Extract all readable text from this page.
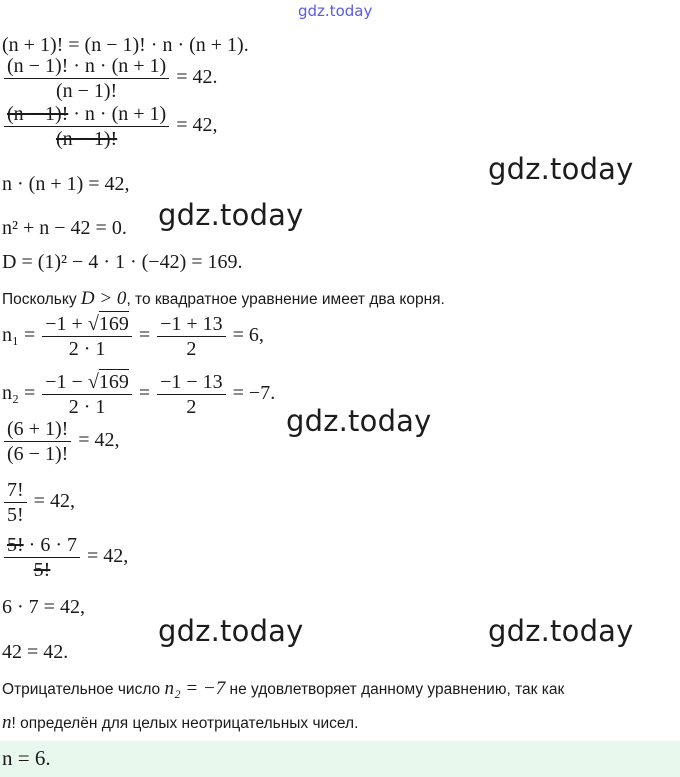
gdz.today
(n + 1)! = (n − 1)! · n · (n + 1).
$\frac{(n - 1)! \cdot n \cdot (n + 1)}{(n - 1)!} = 42$.
$\frac{(n - 1)! \cdot n \cdot (n + 1)}{(n - 1)!} = 42$,
gdz.today
n · (n + 1) = 42,
n² + n − 42 = 0. gdz.today
D = (1)² − 4 · 1 · (−42) = 169.
Поскольку D > 0, то квадратное уравнение имеет два корня.
$n_1 = \frac{-1 + √169}{2 \cdot 1} = \frac{-1 + 13}{2} = 6$,
$n_2 = \frac{-1 - √169}{2 \cdot 1} = \frac{-1 - 13}{2} = -7$.
gdz.today
$\frac{(6 + 1)!}{(6 - 1)!} = 42$,
$\frac{7!}{5!} = 42$,
$\frac{5! \cdot 6 \cdot 7}{5!} = 42$,
6 · 7 = 42,
gdz.today	gdz.today
42 = 42.
Отрицательное число n₂ = −7 не удовлетворяет данному уравнению, так как
n! определён для целых неотрицательных чисел.
n = 6.
